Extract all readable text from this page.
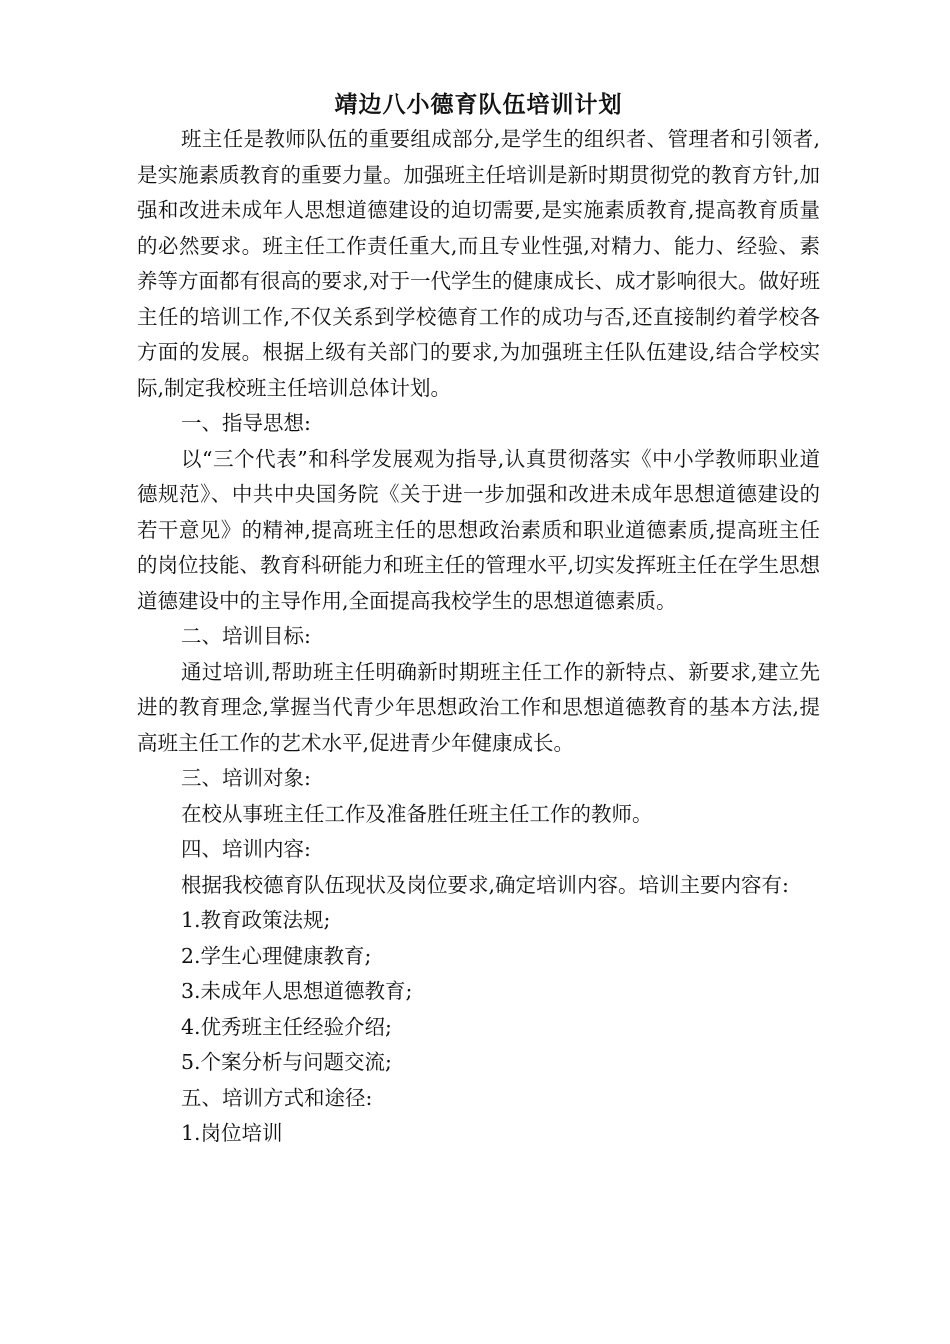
靖边八小德育队伍培训计划

班主任是教师队伍的重要组成部分,是学生的组织者、管理者和引领者,是实施素质教育的重要力量。加强班主任培训是新时期贯彻党的教育方针,加强和改进未成年人思想道德建设的迫切需要,是实施素质教育,提高教育质量的必然要求。班主任工作责任重大,而且专业性强,对精力、能力、经验、素养等方面都有很高的要求,对于一代学生的健康成长、成才影响很大。做好班主任的培训工作,不仅关系到学校德育工作的成功与否,还直接制约着学校各方面的发展。根据上级有关部门的要求,为加强班主任队伍建设,结合学校实际,制定我校班主任培训总体计划。

一、指导思想:

以“三个代表”和科学发展观为指导,认真贯彻落实《中小学教师职业道德规范》、中共中央国务院《关于进一步加强和改进未成年思想道德建设的若干意见》的精神,提高班主任的思想政治素质和职业道德素质,提高班主任的岗位技能、教育科研能力和班主任的管理水平,切实发挥班主任在学生思想道德建设中的主导作用,全面提高我校学生的思想道德素质。

二、培训目标:

通过培训,帮助班主任明确新时期班主任工作的新特点、新要求,建立先进的教育理念,掌握当代青少年思想政治工作和思想道德教育的基本方法,提高班主任工作的艺术水平,促进青少年健康成长。

三、培训对象:

在校从事班主任工作及准备胜任班主任工作的教师。

四、培训内容:

根据我校德育队伍现状及岗位要求,确定培训内容。培训主要内容有:

1.教育政策法规;

2.学生心理健康教育;

3.未成年人思想道德教育;

4.优秀班主任经验介绍;

5.个案分析与问题交流;

五、培训方式和途径:

1.岗位培训
